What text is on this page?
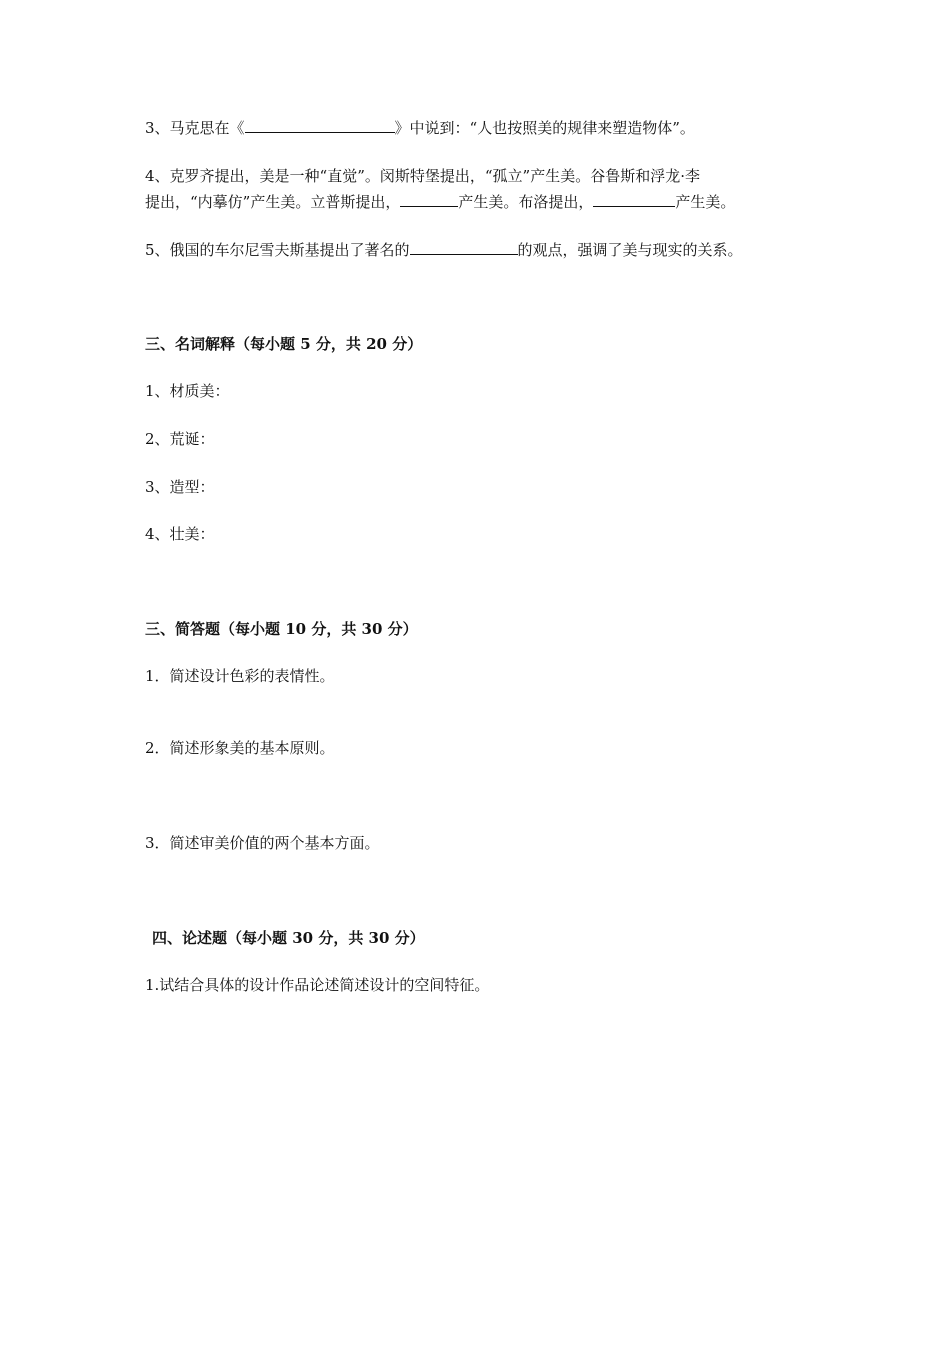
3、马克思在《	》中说到：“人也按照美的规律来塑造物体”。
4、克罗齐提出，美是一种“直觉”。闵斯特堡提出，“孤立”产生美。谷鲁斯和浮龙·李
提出，“内摹仿”产生美。立普斯提出，	产生美。布洛提出，	产生美。
5、俄国的车尔尼雪夫斯基提出了著名的	的观点，强调了美与现实的关系。
三、名词解释（每小题 5 分，共 20 分）
1、材质美：
2、荒诞：
3、造型：
4、壮美：
三、简答题（每小题 10 分，共 30 分）
1．简述设计色彩的表情性。
2．简述形象美的基本原则。
3．简述审美价值的两个基本方面。
四、论述题（每小题 30 分，共 30 分）
1.试结合具体的设计作品论述简述设计的空间特征。
